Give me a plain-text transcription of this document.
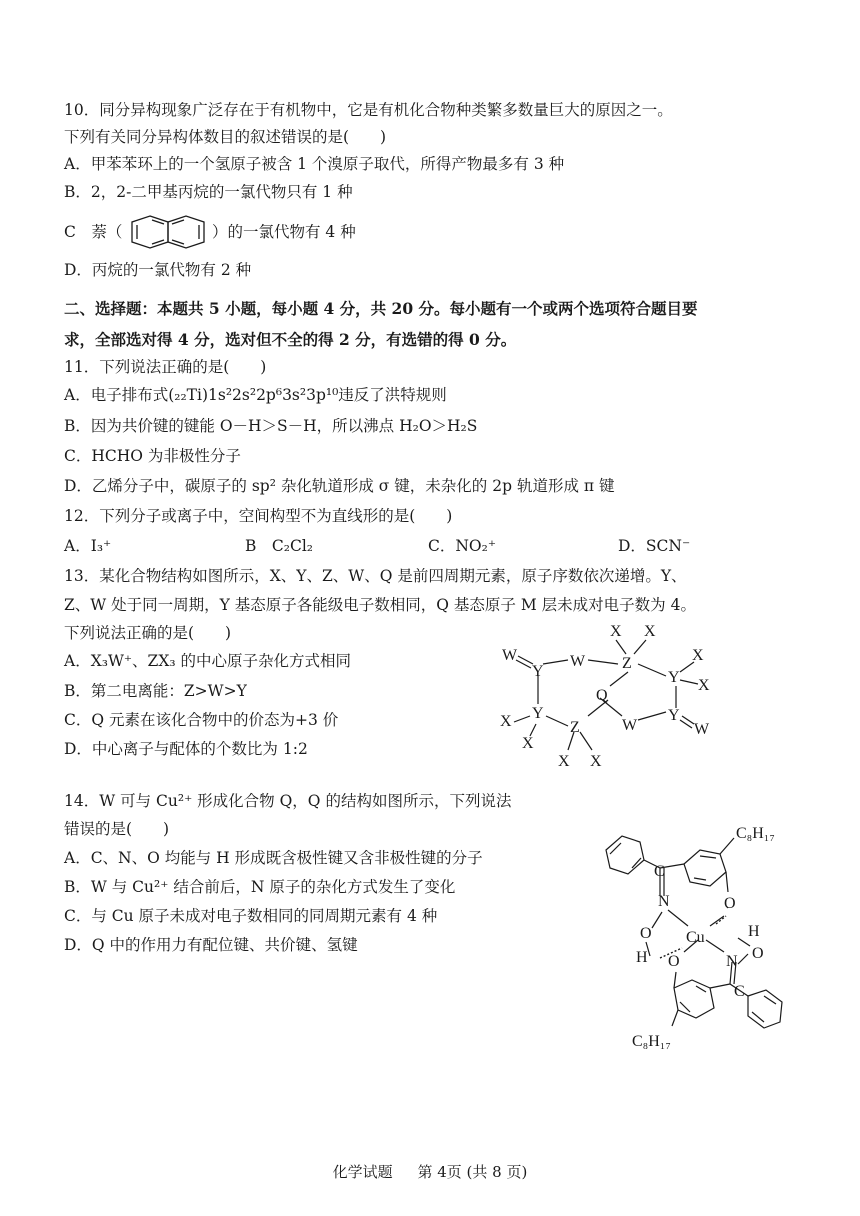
10．同分异构现象广泛存在于有机物中，它是有机化合物种类繁多数量巨大的原因之一。
下列有关同分异构体数目的叙述错误的是(　　)
A．甲苯苯环上的一个氢原子被含 1 个溴原子取代，所得产物最多有 3 种
B．2，2-二甲基丙烷的一氯代物只有 1 种
C　萘（	）的一氯代物有 4 种
D．丙烷的一氯代物有 2 种
二、选择题：本题共 5 小题，每小题 4 分，共 20 分。每小题有一个或两个选项符合题目要
求，全部选对得 4 分，选对但不全的得 2 分，有选错的得 0 分。
11．下列说法正确的是(　　)
A．电子排布式(₂₂Ti)1s²2s²2p⁶3s²3p¹⁰违反了洪特规则
B．因为共价键的键能 O－H＞S－H，所以沸点 H₂O＞H₂S
C．HCHO 为非极性分子
D．乙烯分子中，碳原子的 sp² 杂化轨道形成 σ 键，未杂化的 2p 轨道形成 π 键
12．下列分子或离子中，空间构型不为直线形的是(　　)
A．I₃⁺	B　C₂Cl₂	C．NO₂⁺	D．SCN⁻
13．某化合物结构如图所示，X、Y、Z、W、Q 是前四周期元素，原子序数依次递增。Y、
Z、W 处于同一周期，Y 基态原子各能级电子数相同，Q 基态原子 M 层未成对电子数为 4。
下列说法正确的是(　　)
A．X₃W⁺、ZX₃ 的中心原子杂化方式相同
B．第二电离能：Z>W>Y
C．Q 元素在该化合物中的价态为+3 价
D．中心离子与配体的个数比为 1:2
W
Y
W Z
X X
Y
X
X
Q
Y
X
X
Z
X X
W
Y
W
14．W 可与 Cu²⁺ 形成化合物 Q，Q 的结构如图所示，下列说法
错误的是(　　)
A．C、N、O 均能与 H 形成既含极性键又含非极性键的分子
B．W 与 Cu²⁺ 结合前后，N 原子的杂化方式发生了变化
C．与 Cu 原子未成对电子数相同的同周期元素有 4 种
D．Q 中的作用力有配位键、共价键、氢键
C₈H₁₇
N
C
O
O Cu	H
H O	N O
C
C₈H₁₇
化学试题 第 4页 (共 8 页)
